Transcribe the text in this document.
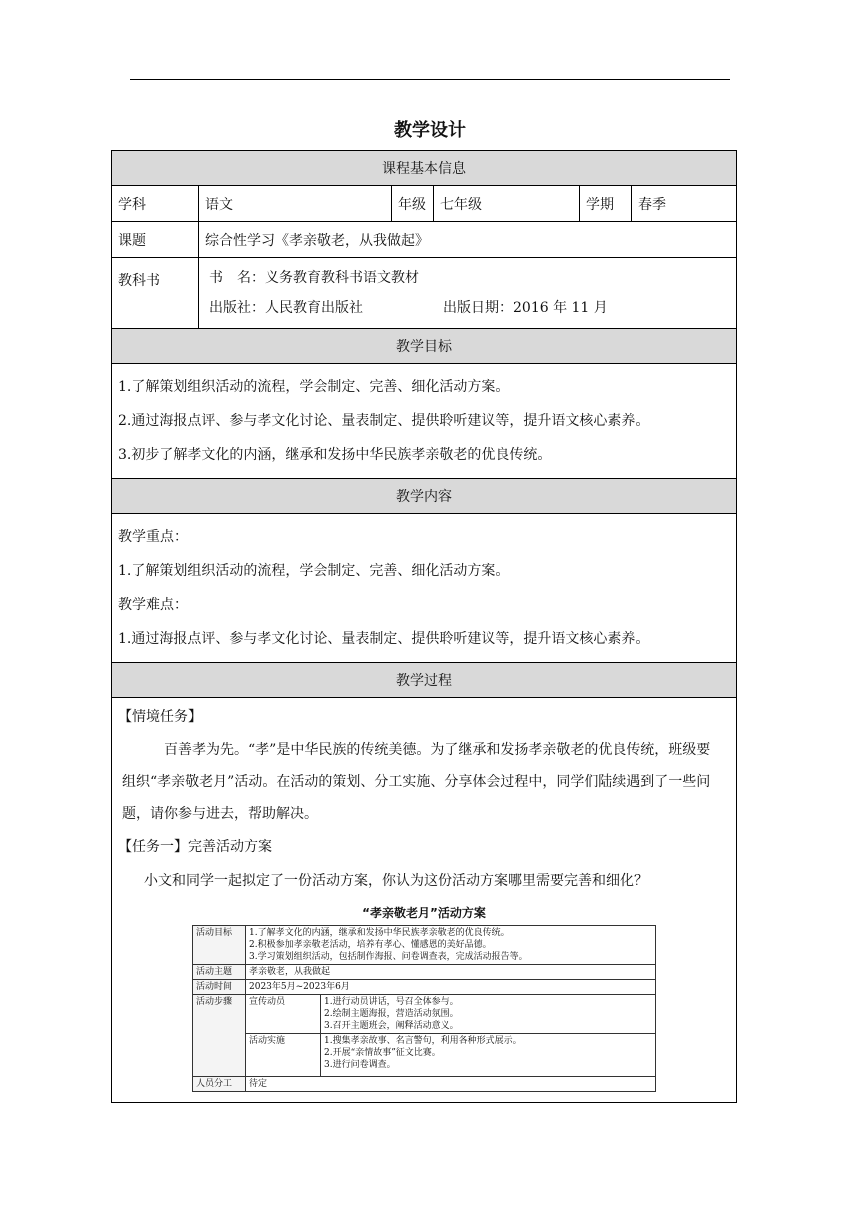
教学设计
课程基本信息
学科	语文	年级	七年级	学期	春季
课题	综合性学习《孝亲敬老，从我做起》
教科书	书　名：义务教育教科书语文教材
出版社：人民教育出版社	出版日期：2016 年 11 月
教学目标

1.了解策划组织活动的流程，学会制定、完善、细化活动方案。

2.通过海报点评、参与孝文化讨论、量表制定、提供聆听建议等，提升语文核心素养。

3.初步了解孝文化的内涵，继承和发扬中华民族孝亲敬老的优良传统。

教学内容

教学重点：

1.了解策划组织活动的流程，学会制定、完善、细化活动方案。

教学难点：

1.通过海报点评、参与孝文化讨论、量表制定、提供聆听建议等，提升语文核心素养。

教学过程

【情境任务】

百善孝为先。“孝”是中华民族的传统美德。为了继承和发扬孝亲敬老的优良传统，班级要组织“孝亲敬老月”活动。在活动的策划、分工实施、分享体会过程中，同学们陆续遇到了一些问题，请你参与进去，帮助解决。

【任务一】完善活动方案

小文和同学一起拟定了一份活动方案，你认为这份活动方案哪里需要完善和细化？

“孝亲敬老月”活动方案
活动目标	1.了解孝文化的内涵，继承和发扬中华民族孝亲敬老的优良传统。
2.积极参加孝亲敬老活动，培养有孝心、懂感恩的美好品德。
3.学习策划组织活动，包括制作海报、问卷调查表，完成活动报告等。	

活动主题	孝亲敬老，从我做起	
活动时间	2023年5月~2023年6月	
活动步骤	宣传动员	1.进行动员讲话，号召全体参与。
2.绘制主题海报，营造活动氛围。
3.召开主题班会，阐释活动意义。

	活动实施	1.搜集孝亲故事、名言警句，利用各种形式展示。
2.开展“亲情故事”征文比赛。
3.进行问卷调查。

人员分工	待定	
